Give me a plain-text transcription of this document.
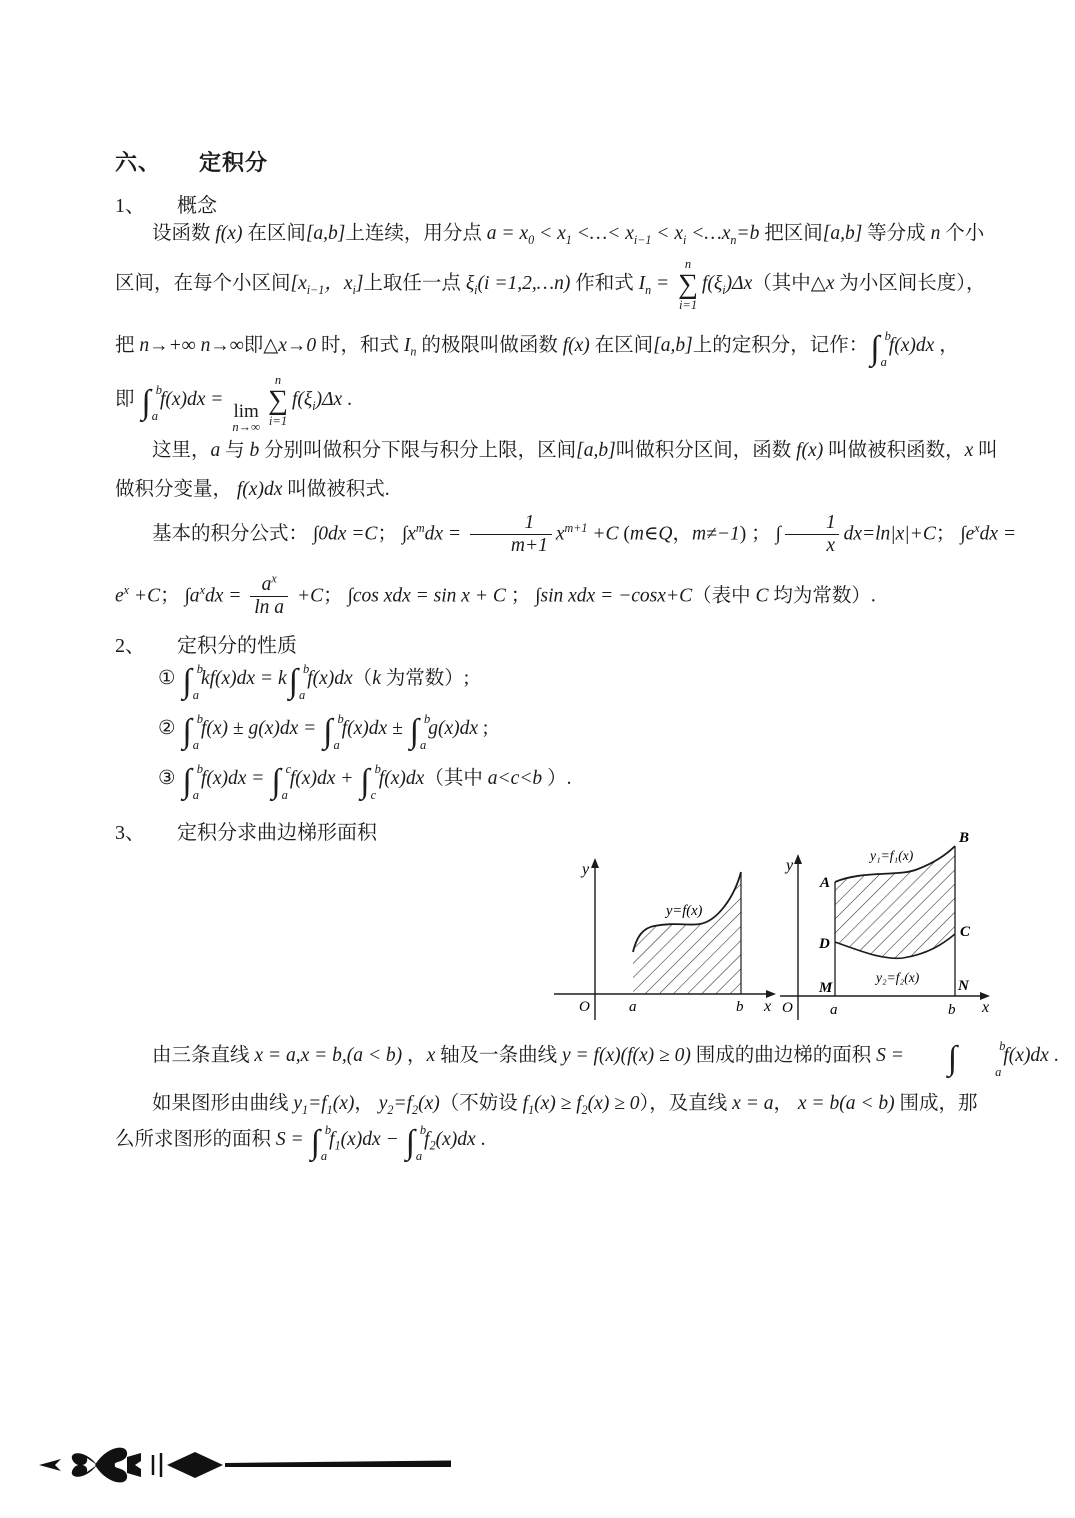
六、 定积分
1、 概念
设函数 f(x) 在区间[a,b]上连续，用分点 $a = x_0 < x_1$ <…< $x_{i-1} < x_i$ $<\dots x_n=b$ 把区间[a,b] 等分成 n 个小
区间，在每个小区间[$x_{i-1}$，$x_i$]上取任一点 $\xi_i(i$ =1,2,…n) 作和式 $I_n$ =
n
∑
i=1
$f(\xi_i)\Delta x$（其中△x 为小区间长度），
把 n→+∞ n→∞即△x→0 时，和式 $I_n$ 的极限叫做函数 f(x) 在区间[a,b]上的定积分，记作： ∫ b
a
f(x)dx ，
即 ∫ b
a
f(x)dx =
lim
n→∞
n
∑
i=1
$f(\xi_i)\Delta x$ .
这里，a 与 b 分别叫做积分下限与积分上限，区间[a,b]叫做积分区间，函数 f(x) 叫做被积函数，x 叫
做积分变量， f(x)dx 叫做被积式.
基本的积分公式： ∫0dx =C； $\int x^mdx = \frac{1}{m+1} x^{m+1} +C$ (m∈Q，m≠−1) ； ∫ $\frac{1}{x} dx=\ln|x|+C$； $\int e^xdx$ =
$e^x +C$； $\int a^xdx = \frac{a^x}{\text{ln a}} +C$； ∫cos xdx = sin x + C ； ∫sin xdx = −cosx+C（表中 C 均为常数）.
2、 定积分的性质
① ∫ b
a
kf(x)dx = k ∫ b
a
f(x)dx（k 为常数）;
② ∫ b
a
f(x) ± g(x)dx = ∫ b
a
f(x)dx ± ∫ b
a
g(x)dx ;
③ ∫ b
a
f(x)dx = ∫ c
a
f(x)dx + ∫ b
c
f(x)dx（其中 a<c<b ）.
3、 定积分求曲边梯形面积
y
x
O	a	b
y=f(x)
y
x
O a	b
A
B
C
D
M	N
y₁=f₁(x)
y₂=f₂(x)
由三条直线 x = a,x = b,(a < b) ，x 轴及一条曲线 y = f(x)(f(x) ≥ 0) 围成的曲边梯的面积 S =	∫	b
a
f(x)dx .
如果图形由曲线 $y_1=f_1(x)$， $y_2=f_2(x)$（不妨设 $f_1(x) \ge f_2(x) \ge 0$），及直线 x = a， x = b(a < b) 围成，那
么所求图形的面积 S = ∫ b
a
$f_1(x)dx$ − ∫ b
a
$f_2(x)dx$ .
